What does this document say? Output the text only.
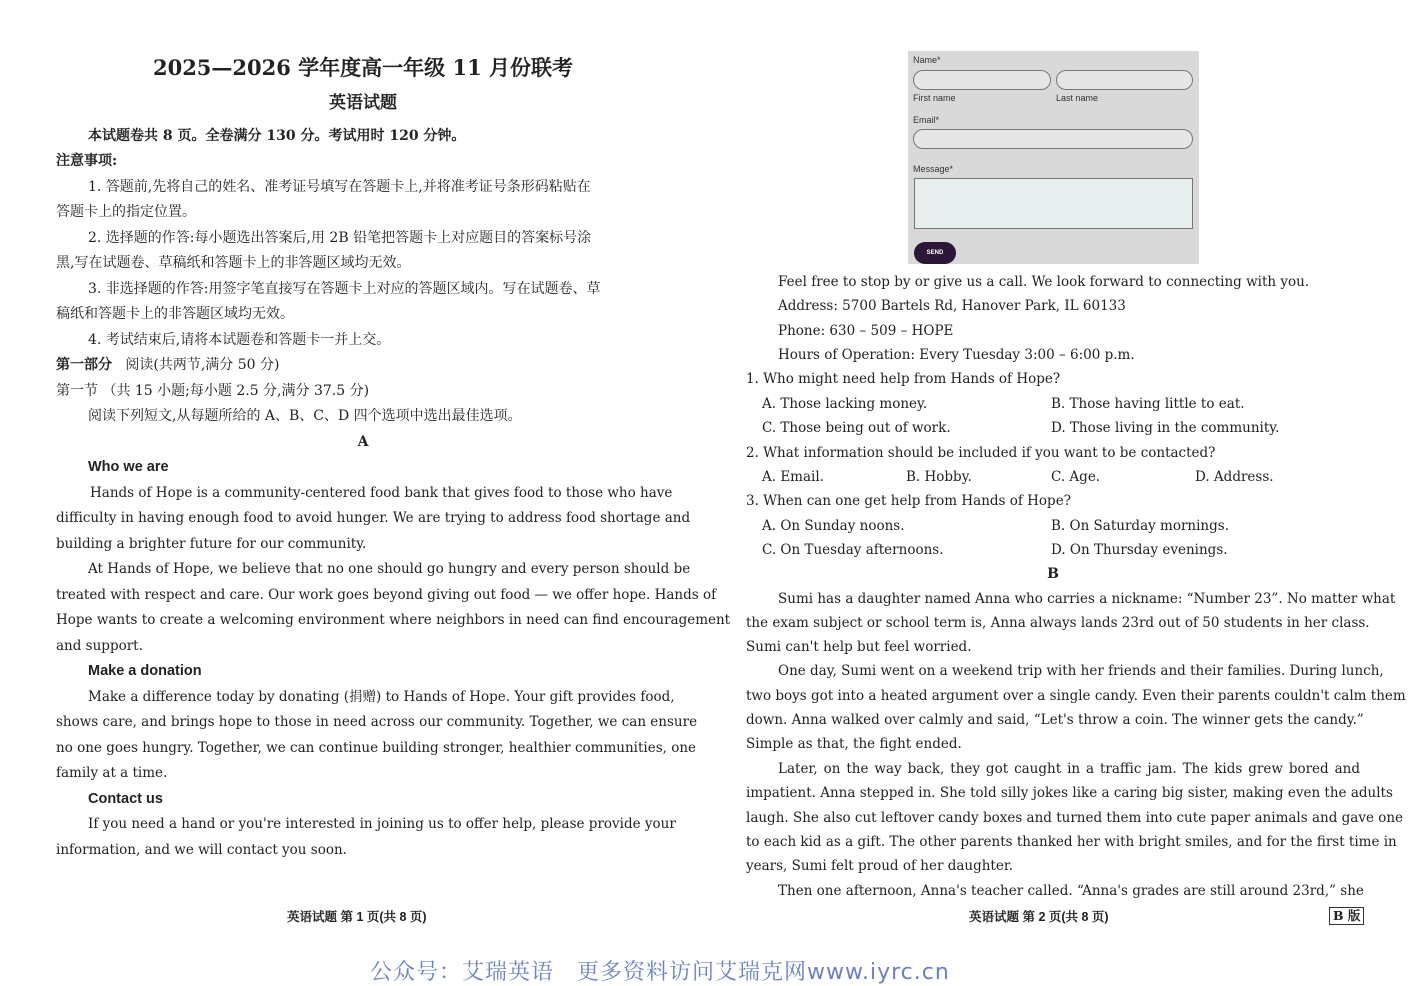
2025—2026 学年度高一年级 11 月份联考
英语试题
本试题卷共 8 页。全卷满分 130 分。考试用时 120 分钟。
注意事项:
1. 答题前,先将自己的姓名、准考证号填写在答题卡上,并将准考证号条形码粘贴在
答题卡上的指定位置。
2. 选择题的作答:每小题选出答案后,用 2B 铅笔把答题卡上对应题目的答案标号涂
黑,写在试题卷、草稿纸和答题卡上的非答题区域均无效。
3. 非选择题的作答:用签字笔直接写在答题卡上对应的答题区域内。写在试题卷、草
稿纸和答题卡上的非答题区域均无效。
4. 考试结束后,请将本试题卷和答题卡一并上交。
第一部分 阅读(共两节,满分 50 分)
第一节 （共 15 小题;每小题 2.5 分,满分 37.5 分)
阅读下列短文,从每题所给的 A、B、C、D 四个选项中选出最佳选项。
A
Who we are
Hands of Hope is a community-centered food bank that gives food to those who have
difficulty in having enough food to avoid hunger. We are trying to address food shortage and
building a brighter future for our community.
At Hands of Hope, we believe that no one should go hungry and every person should be
treated with respect and care. Our work goes beyond giving out food — we offer hope. Hands of
Hope wants to create a welcoming environment where neighbors in need can find encouragement
and support.
Make a donation
Make a difference today by donating (捐赠) to Hands of Hope. Your gift provides food,
shows care, and brings hope to those in need across our community. Together, we can ensure
no one goes hungry. Together, we can continue building stronger, healthier communities, one
family at a time.
Contact us
If you need a hand or you're interested in joining us to offer help, please provide your
information, and we will contact you soon.
英语试题 第 1 页(共 8 页)
Name*
First name	Last name
Email*
Message*
SEND
Feel free to stop by or give us a call. We look forward to connecting with you.
Address: 5700 Bartels Rd, Hanover Park, IL 60133
Phone: 630 – 509 – HOPE
Hours of Operation: Every Tuesday 3:00 – 6:00 p.m.
1. Who might need help from Hands of Hope?
A. Those lacking money.	B. Those having little to eat.
C. Those being out of work.	D. Those living in the community.
2. What information should be included if you want to be contacted?
A. Email.	B. Hobby.	C. Age.	D. Address.
3. When can one get help from Hands of Hope?
A. On Sunday noons.	B. On Saturday mornings.
C. On Tuesday afternoons.	D. On Thursday evenings.
B
Sumi has a daughter named Anna who carries a nickname: “Number 23”. No matter what
the exam subject or school term is, Anna always lands 23rd out of 50 students in her class.
Sumi can't help but feel worried.
One day, Sumi went on a weekend trip with her friends and their families. During lunch,
two boys got into a heated argument over a single candy. Even their parents couldn't calm them
down. Anna walked over calmly and said, “Let's throw a coin. The winner gets the candy.”
Simple as that, the fight ended.
Later, on the way back, they got caught in a traffic jam. The kids grew bored and
impatient. Anna stepped in. She told silly jokes like a caring big sister, making even the adults
laugh. She also cut leftover candy boxes and turned them into cute paper animals and gave one
to each kid as a gift. The other parents thanked her with bright smiles, and for the first time in
years, Sumi felt proud of her daughter.
Then one afternoon, Anna's teacher called. “Anna's grades are still around 23rd,” she
英语试题 第 2 页(共 8 页)	B 版
公众号：艾瑞英语　更多资料访问艾瑞克网www.iyrc.cn
